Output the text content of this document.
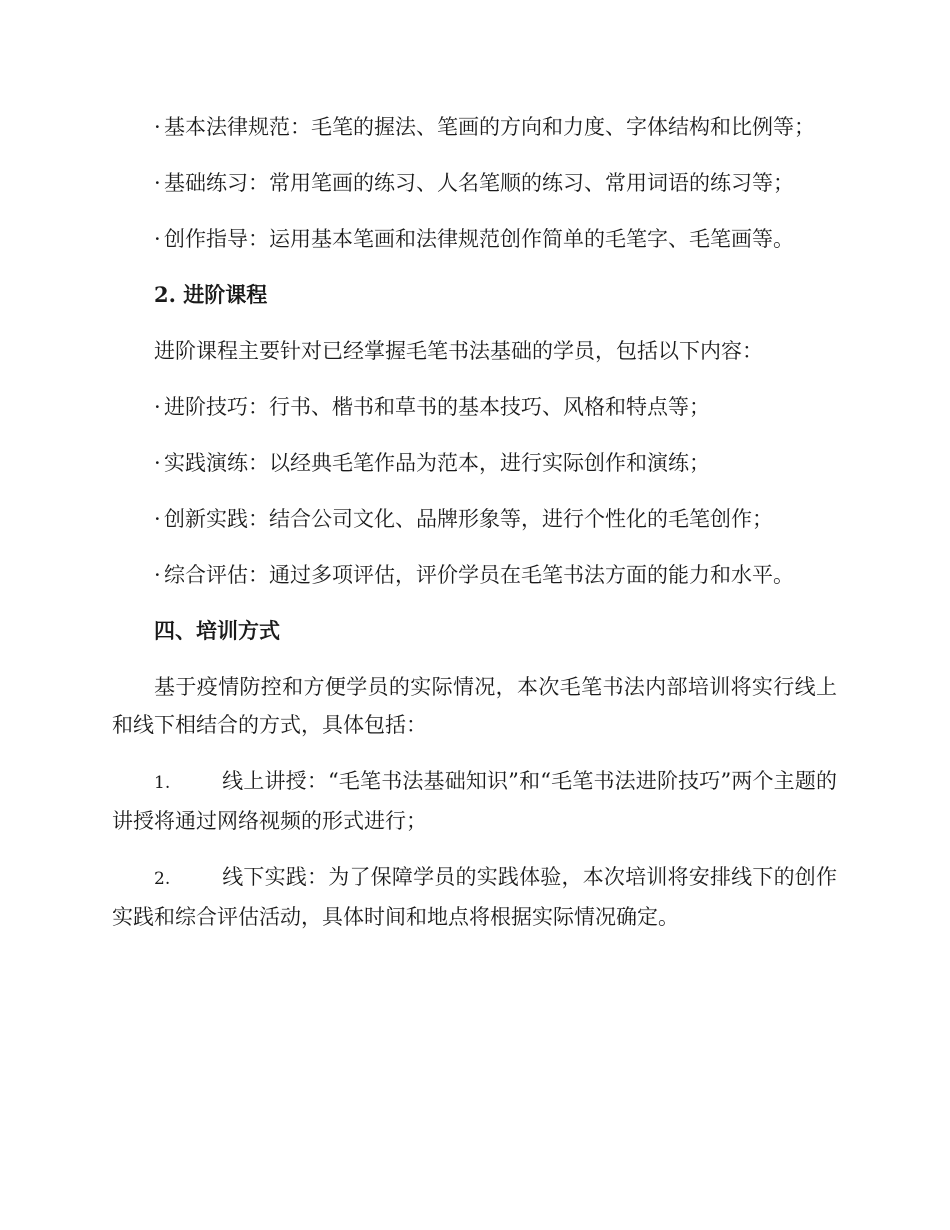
· 基本法律规范：毛笔的握法、笔画的方向和力度、字体结构和比例等；

· 基础练习：常用笔画的练习、人名笔顺的练习、常用词语的练习等；

· 创作指导：运用基本笔画和法律规范创作简单的毛笔字、毛笔画等。

2. 进阶课程

进阶课程主要针对已经掌握毛笔书法基础的学员，包括以下内容：

· 进阶技巧：行书、楷书和草书的基本技巧、风格和特点等；

· 实践演练：以经典毛笔作品为范本，进行实际创作和演练；

· 创新实践：结合公司文化、品牌形象等，进行个性化的毛笔创作；

· 综合评估：通过多项评估，评价学员在毛笔书法方面的能力和水平。

四、培训方式

基于疫情防控和方便学员的实际情况，本次毛笔书法内部培训将实行线上和线下相结合的方式，具体包括：

1. 线上讲授：“毛笔书法基础知识”和“毛笔书法进阶技巧”两个主题的讲授将通过网络视频的形式进行；

2. 线下实践：为了保障学员的实践体验，本次培训将安排线下的创作实践和综合评估活动，具体时间和地点将根据实际情况确定。
